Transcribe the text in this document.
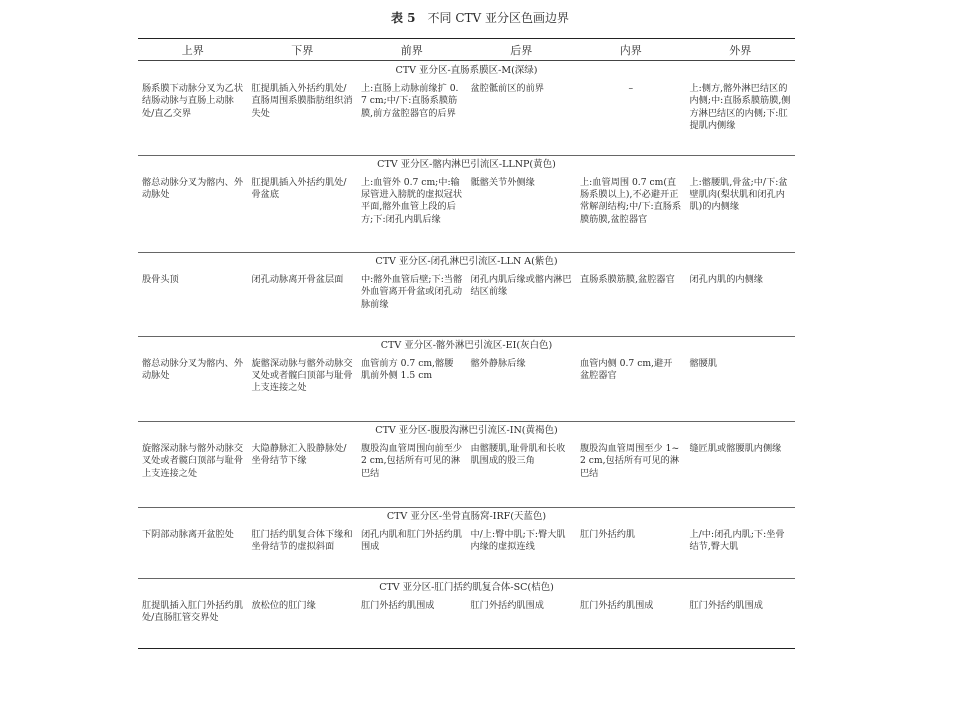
表 5 不同 CTV 亚分区色画边界
上界	下界	前界	后界	内界	外界
CTV 亚分区-直肠系膜区-M(深绿)					
肠系膜下动脉分叉为乙状结肠动脉与直肠上动脉处/直乙交界	肛提肌插入外括约肌处/直肠周围系膜脂肪组织消失处	上:直肠上动脉前缘扩 0.7 cm;中/下:直肠系膜筋膜,前方盆腔器官的后界	盆腔骶前区的前界	–	上:侧方,髂外淋巴结区的内侧;中:直肠系膜筋膜,侧方淋巴结区的内侧;下:肛提肌内侧缘
CTV 亚分区-髂内淋巴引流区-LLNP(黄色)					
髂总动脉分叉为髂内、外动脉处	肛提肌插入外括约肌处/骨盆底	上:血管外 0.7 cm;中:输尿管进入膀胱的虚拟冠状平面,髂外血管上段的后方;下:闭孔内肌后缘	骶髂关节外侧缘	上:血管周围 0.7 cm(直肠系膜以上),不必避开正常解剖结构;中/下:直肠系膜筋膜,盆腔器官	上:髂腰肌,骨盆;中/下:盆壁肌肉(梨状肌和闭孔内肌)的内侧缘
CTV 亚分区-闭孔淋巴引流区-LLN A(紫色)					
股骨头顶	闭孔动脉离开骨盆层面	中:髂外血管后壁;下:当髂外血管离开骨盆或闭孔动脉前缘	闭孔内肌后缘或髂内淋巴结区前缘	直肠系膜筋膜,盆腔器官	闭孔内肌的内侧缘
CTV 亚分区-髂外淋巴引流区-EI(灰白色)					
髂总动脉分叉为髂内、外动脉处	旋髂深动脉与髂外动脉交叉处或者髋臼顶部与耻骨上支连接之处	血管前方 0.7 cm,髂腰肌前外侧 1.5 cm	髂外静脉后缘	血管内侧 0.7 cm,避开盆腔器官	髂腰肌
CTV 亚分区-腹股沟淋巴引流区-IN(黄褐色)					
旋髂深动脉与髂外动脉交叉处或者髋臼顶部与耻骨上支连接之处	大隐静脉汇入股静脉处/坐骨结节下缘	腹股沟血管周围向前至少 2 cm,包括所有可见的淋巴结	由髂腰肌,耻骨肌和长收肌围成的股三角	腹股沟血管周围至少 1~2 cm,包括所有可见的淋巴结	缝匠肌或髂腰肌内侧缘
CTV 亚分区-坐骨直肠窝-IRF(天蓝色)					
下阴部动脉离开盆腔处	肛门括约肌复合体下缘和坐骨结节的虚拟斜面	闭孔内肌和肛门外括约肌围成	中/上:臀中肌;下:臀大肌内缘的虚拟连线	肛门外括约肌	上/中:闭孔内肌;下:坐骨结节,臀大肌
CTV 亚分区-肛门括约肌复合体-SC(桔色)					
肛提肌插入肛门外括约肌处/直肠肛管交界处	放松位的肛门缘	肛门外括约肌围成	肛门外括约肌围成	肛门外括约肌围成	肛门外括约肌围成
